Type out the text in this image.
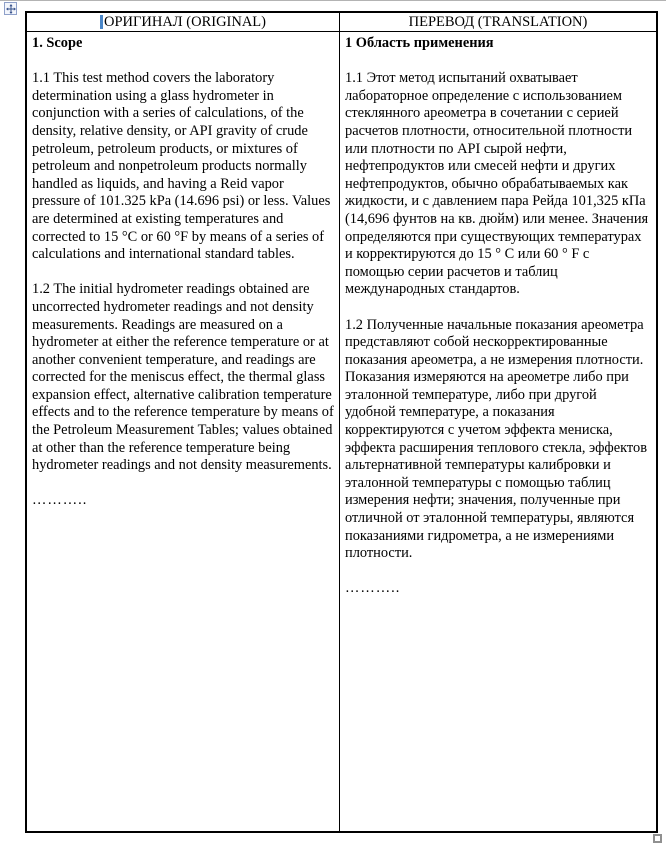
ОРИГИНАЛ (ORIGINAL)	ПЕРЕВОД (TRANSLATION)

1. Scope

1.1 This test method covers the laboratory determination using a glass hydrometer in conjunction with a series of calculations, of the density, relative density, or API gravity of crude petroleum, petroleum products, or mixtures of petroleum and nonpetroleum products normally handled as liquids, and having a Reid vapor pressure of 101.325 kPa (14.696 psi) or less. Values are determined at existing temperatures and corrected to 15 °C or 60 °F by means of a series of calculations and international standard tables.

1.2 The initial hydrometer readings obtained are uncorrected hydrometer readings and not density measurements. Readings are measured on a hydrometer at either the reference temperature or at another convenient temperature, and readings are corrected for the meniscus effect, the thermal glass expansion effect, alternative calibration temperature effects and to the reference temperature by means of the Petroleum Measurement Tables; values obtained at other than the reference temperature being hydrometer readings and not density measurements.

………..

1 Область применения

1.1 Этот метод испытаний охватывает лабораторное определение с использованием стеклянного ареометра в сочетании с серией расчетов плотности, относительной плотности или плотности по API сырой нефти, нефтепродуктов или смесей нефти и других нефтепродуктов, обычно обрабатываемых как жидкости, и с давлением пара Рейда 101,325 кПа (14,696 фунтов на кв. дюйм) или менее. Значения определяются при существующих температурах и корректируются до 15 ° C или 60 ° F с помощью серии расчетов и таблиц международных стандартов.

1.2 Полученные начальные показания ареометра представляют собой нескорректированные показания ареометра, а не измерения плотности. Показания измеряются на ареометре либо при эталонной температуре, либо при другой удобной температуре, а показания корректируются с учетом эффекта мениска, эффекта расширения теплового стекла, эффектов альтернативной температуры калибровки и эталонной температуры с помощью таблиц измерения нефти; значения, полученные при отличной от эталонной температуры, являются показаниями гидрометра, а не измерениями плотности.

………..
